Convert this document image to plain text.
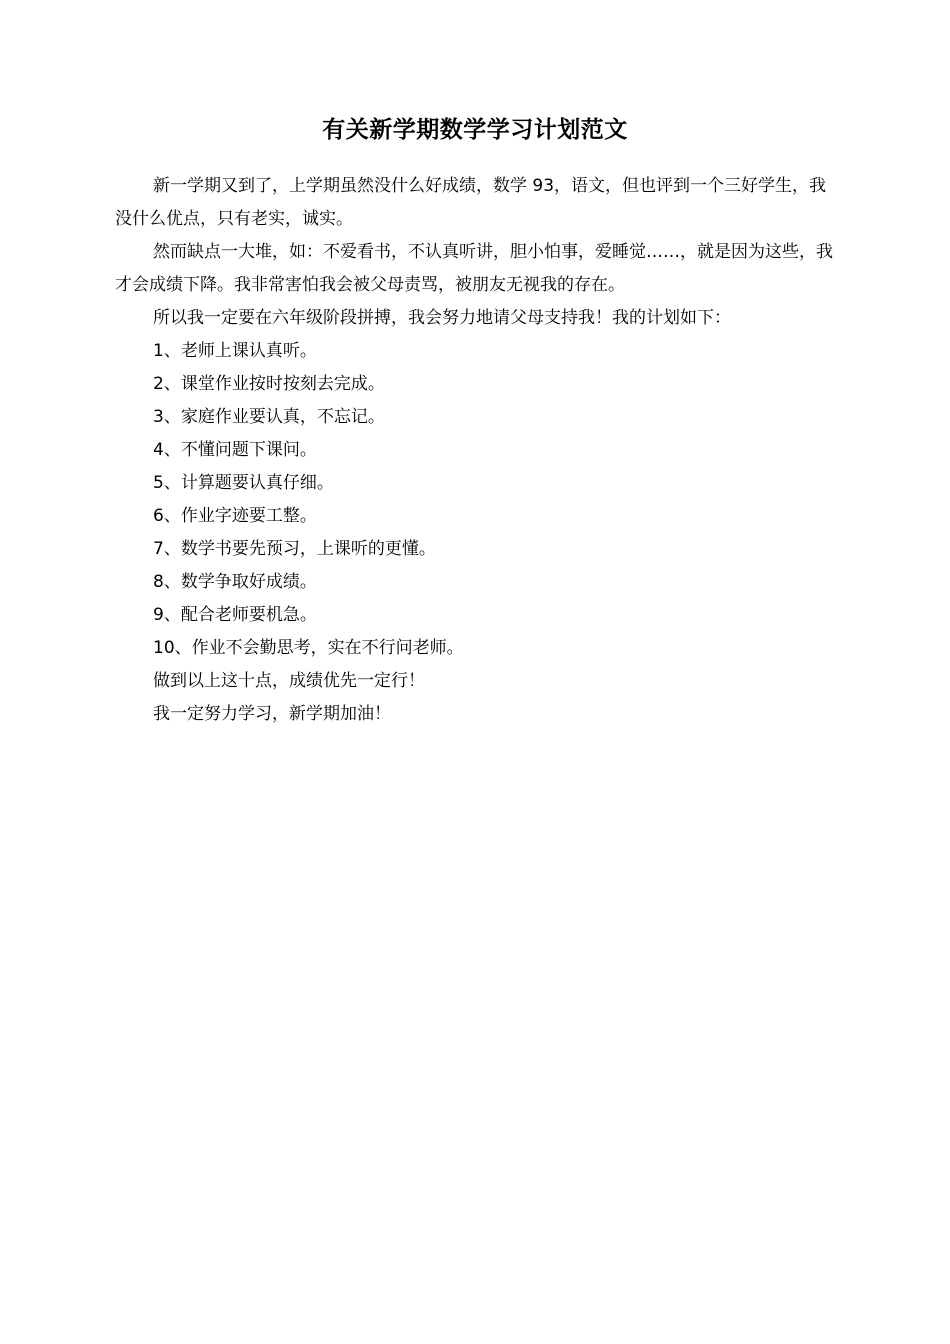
有关新学期数学学习计划范文

新一学期又到了，上学期虽然没什么好成绩，数学 93，语文，但也评到一个三好学生，我没什么优点，只有老实，诚实。

然而缺点一大堆，如：不爱看书，不认真听讲，胆小怕事，爱睡觉……，就是因为这些，我才会成绩下降。我非常害怕我会被父母责骂，被朋友无视我的存在。

所以我一定要在六年级阶段拼搏，我会努力地请父母支持我！我的计划如下：

1、老师上课认真听。

2、课堂作业按时按刻去完成。

3、家庭作业要认真，不忘记。

4、不懂问题下课问。

5、计算题要认真仔细。

6、作业字迹要工整。

7、数学书要先预习，上课听的更懂。

8、数学争取好成绩。

9、配合老师要机急。

10、作业不会勤思考，实在不行问老师。

做到以上这十点，成绩优先一定行！

我一定努力学习，新学期加油！
